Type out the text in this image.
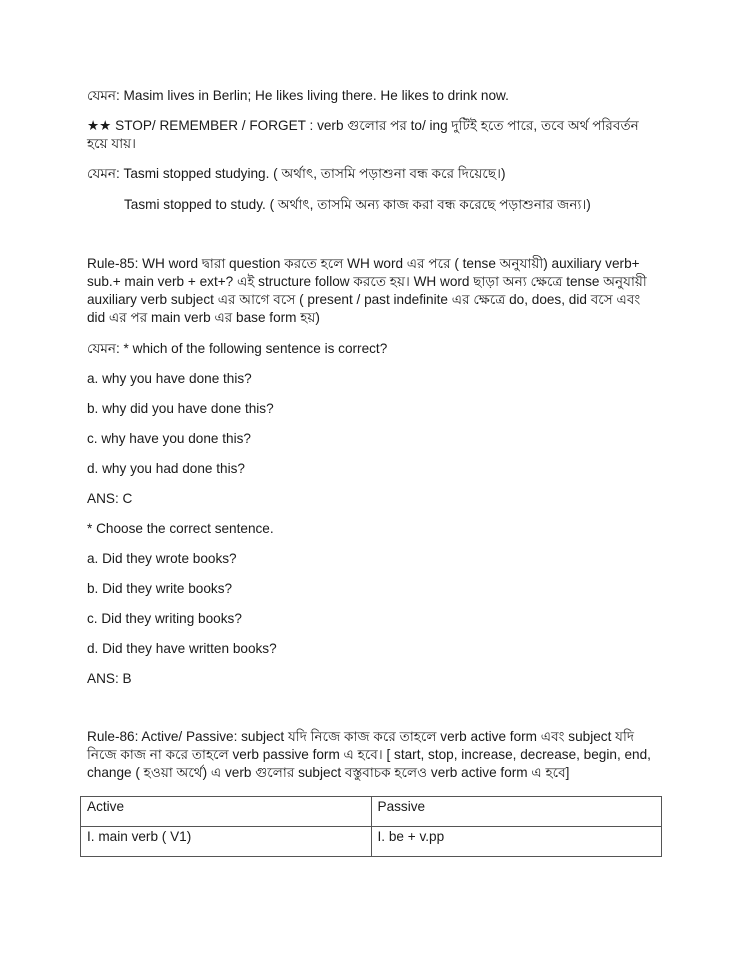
যেমন: Masim lives in Berlin; He likes living there. He likes to drink now.

★★ STOP/ REMEMBER / FORGET : verb গুলোর পর to/ ing দুটিই হতে পারে, তবে অর্থ পরিবর্তন হয়ে যায়।

যেমন: Tasmi stopped studying. ( অর্থাৎ, তাসমি পড়াশুনা বন্ধ করে দিয়েছে।)

Tasmi stopped to study. ( অর্থাৎ, তাসমি অন্য কাজ করা বন্ধ করেছে পড়াশুনার জন্য।)

Rule-85: WH word দ্বারা question করতে হলে WH word এর পরে ( tense অনুযায়ী) auxiliary verb+ sub.+ main verb + ext+? এই structure follow করতে হয়। WH word ছাড়া অন্য ক্ষেত্রে tense অনুযায়ী auxiliary verb subject এর আগে বসে ( present / past indefinite এর ক্ষেত্রে do, does, did বসে এবং did এর পর main verb এর base form হয়)

যেমন: * which of the following sentence is correct?

a. why you have done this?

b. why did you have done this?

c. why have you done this?

d. why you had done this?

ANS: C

* Choose the correct sentence.

a. Did they wrote books?

b. Did they write books?

c. Did they writing books?

d. Did they have written books?

ANS: B

Rule-86: Active/ Passive: subject যদি নিজে কাজ করে তাহলে verb active form এবং subject যদি নিজে কাজ না করে তাহলে verb passive form এ হবে। [ start, stop, increase, decrease, begin, end, change ( হওয়া অর্থে) এ verb গুলোর subject বস্তুবাচক হলেও verb active form এ হবে]

Active	Passive
I. main verb ( V1)	I. be + v.pp
